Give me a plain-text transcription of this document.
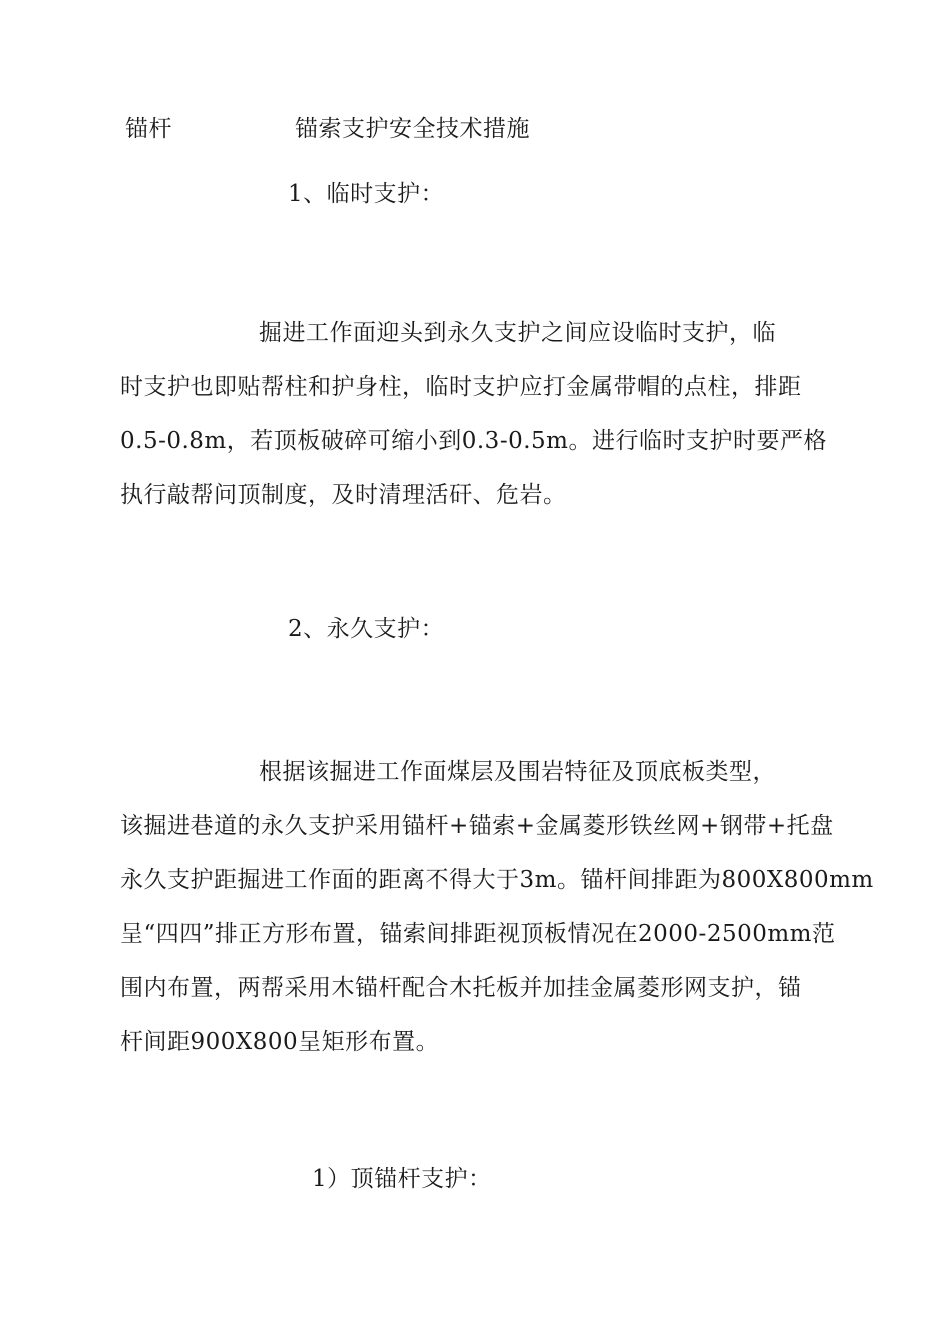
锚杆	锚索支护安全技术措施
1、临时支护：

掘进工作面迎头到永久支护之间应设临时支护，临

时支护也即贴帮柱和护身柱，临时支护应打金属带帽的点柱，排距

0.5-0.8m，若顶板破碎可缩小到0.3-0.5m。进行临时支护时要严格

执行敲帮问顶制度，及时清理活矸、危岩。

2、永久支护：

根据该掘进工作面煤层及围岩特征及顶底板类型，

该掘进巷道的永久支护采用锚杆+锚索+金属菱形铁丝网+钢带+托盘

永久支护距掘进工作面的距离不得大于3m。锚杆间排距为800X800mm

呈“四四”排正方形布置，锚索间排距视顶板情况在2000-2500mm范

围内布置，两帮采用木锚杆配合木托板并加挂金属菱形网支护，锚

杆间距900X800呈矩形布置。

1）顶锚杆支护：
